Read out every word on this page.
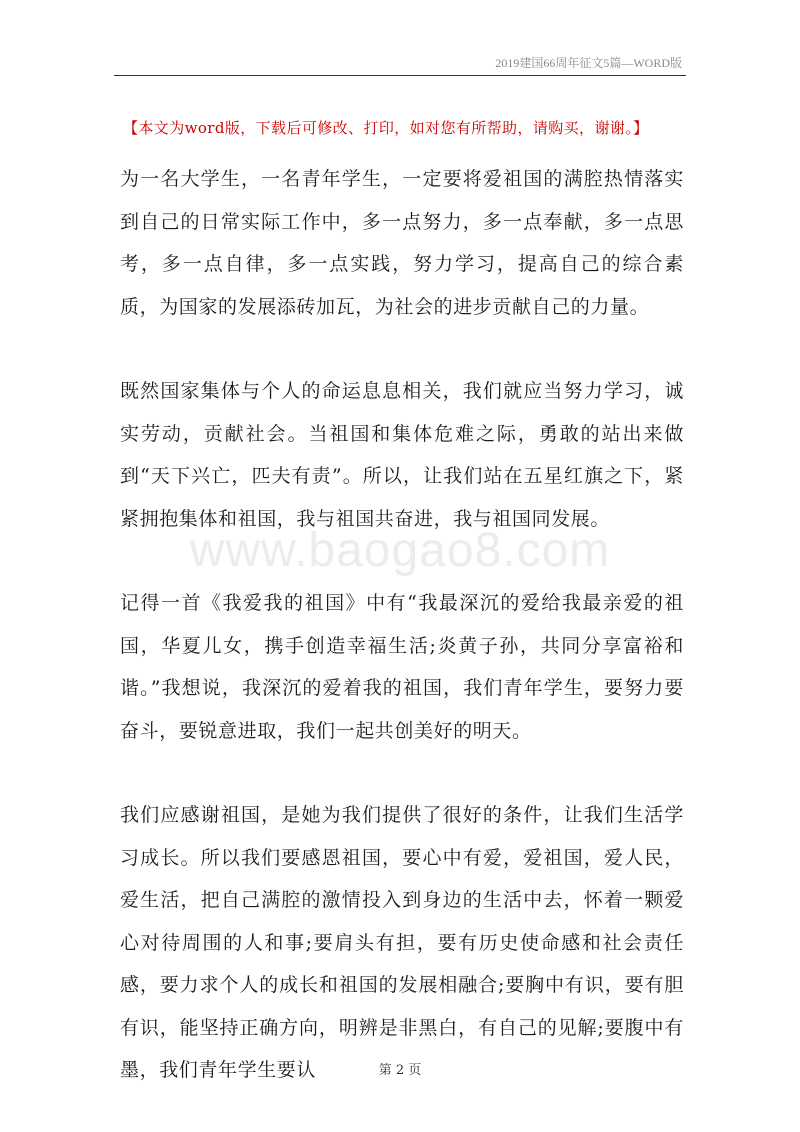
2019建国66周年征文5篇—WORD版
【本文为word版，下载后可修改、打印，如对您有所帮助，请购买，谢谢。】

为一名大学生，一名青年学生，一定要将爱祖国的满腔热情落实到自己的日常实际工作中，多一点努力，多一点奉献，多一点思考，多一点自律，多一点实践，努力学习，提高自己的综合素质，为国家的发展添砖加瓦，为社会的进步贡献自己的力量。

既然国家集体与个人的命运息息相关，我们就应当努力学习，诚实劳动，贡献社会。当祖国和集体危难之际，勇敢的站出来做到“天下兴亡，匹夫有责”。所以，让我们站在五星红旗之下，紧紧拥抱集体和祖国，我与祖国共奋进，我与祖国同发展。

记得一首《我爱我的祖国》中有“我最深沉的爱给我最亲爱的祖国，华夏儿女，携手创造幸福生活;炎黄子孙，共同分享富裕和谐。”我想说，我深沉的爱着我的祖国，我们青年学生，要努力要奋斗，要锐意进取，我们一起共创美好的明天。

我们应感谢祖国，是她为我们提供了很好的条件，让我们生活学习成长。所以我们要感恩祖国，要心中有爱，爱祖国，爱人民，爱生活，把自己满腔的激情投入到身边的生活中去，怀着一颗爱心对待周围的人和事;要肩头有担，要有历史使命感和社会责任感，要力求个人的成长和祖国的发展相融合;要胸中有识，要有胆有识，能坚持正确方向，明辨是非黑白，有自己的见解;要腹中有墨，我们青年学生要认

www.baogao8.com
第 2 页
